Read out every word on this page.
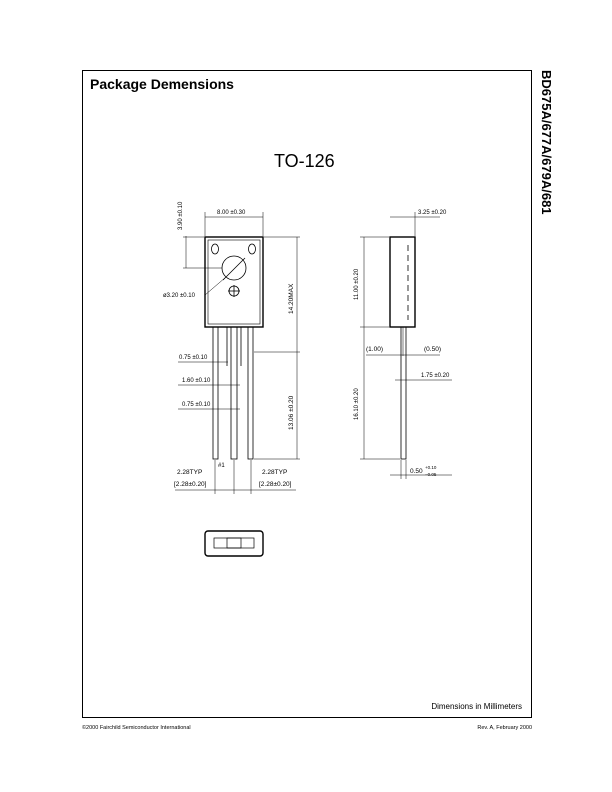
Package Demensions	BD675A/677A/679A/681
TO-126
8.00 ±0.30
3.90 ±0.10
ø3.20 ±0.10	14.20MAX
0.75 ±0.10
1.60 ±0.10
0.75 ±0.10	13.06 ±0.20
#1
2.28TYP
[2.28±0.20]
2.28TYP
[2.28±0.20]
3.25 ±0.20
11.00 ±0.20
(1.00)	(0.50)
1.75 ±0.20
16.10 ±0.20
0.50
+0.10
−0.05
Dimensions in Millimeters
©2000 Fairchild Semiconductor International	Rev. A, February 2000
